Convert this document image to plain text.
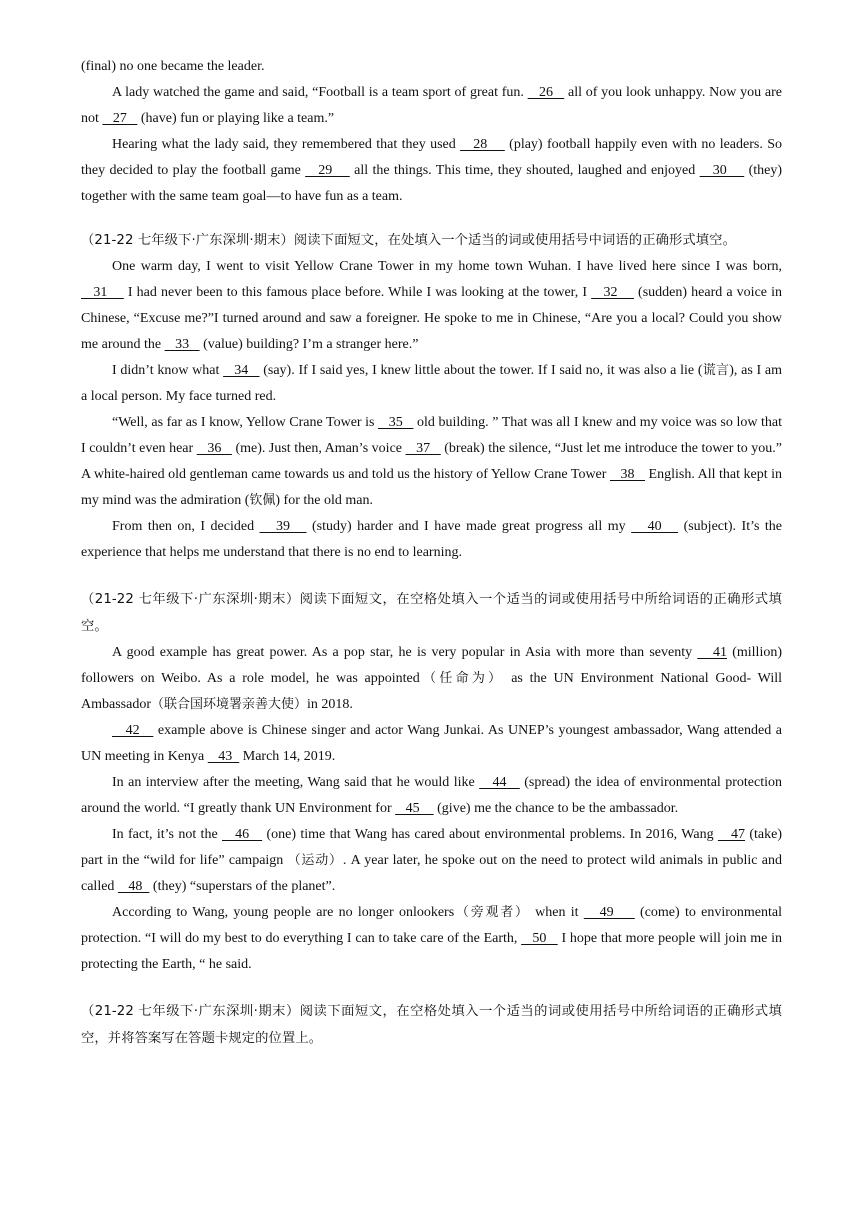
(final) no one became the leader.

A lady watched the game and said, “Football is a team sport of great fun.    26    all of you look unhappy. Now you are not    27    (have) fun or playing like a team.”

Hearing what the lady said, they remembered that they used    28     (play) football happily even with no leaders. So they decided to play the football game    29     all the things. This time, they shouted, laughed and enjoyed    30     (they) together with the same team goal—to have fun as a team.

（21-22 七年级下·广东深圳·期末）阅读下面短文，在处填入一个适当的词或使用括号中词语的正确形式填空。

One warm day, I went to visit Yellow Crane Tower in my home town Wuhan. I have lived here since I was born,    31     I had never been to this famous place before. While I was looking at the tower, I    32     (sudden) heard a voice in Chinese, “Excuse me?”I turned around and saw a foreigner. He spoke to me in Chinese, “Are you a local? Could you show me around the    33    (value) building? I’m a stranger here.”

I didn’t know what    34    (say). If I said yes, I knew little about the tower. If I said no, it was also a lie (谎言), as I am a local person. My face turned red.

“Well, as far as I know, Yellow Crane Tower is    35    old building. ” That was all I knew and my voice was so low that I couldn’t even hear    36    (me). Just then, Aman’s voice    37    (break) the silence, “Just let me introduce the tower to you.” A white-haired old gentleman came towards us and told us the history of Yellow Crane Tower    38    English. All that kept in my mind was the admiration (钦佩) for the old man.

From then on, I decided    39    (study) harder and I have made great progress all my    40    (subject). It’s the experience that helps me understand that there is no end to learning.

（21-22 七年级下·广东深圳·期末）阅读下面短文，在空格处填入一个适当的词或使用括号中所给词语的正确形式填空。

A good example has great power. As a pop star, he is very popular in Asia with more than seventy    41 (million) followers on Weibo. As a role model, he was appointed（任命为） as the UN Environment National Good- Will Ambassador（联合国环境署亲善大使）in 2018.

42    example above is Chinese singer and actor Wang Junkai. As UNEP’s youngest ambassador, Wang attended a UN meeting in Kenya    43   March 14, 2019.

In an interview after the meeting, Wang said that he would like    44    (spread) the idea of environmental protection around the world. “I greatly thank UN Environment for    45     (give) me the chance to be the ambassador.

In fact, it’s not the    46    (one) time that Wang has cared about environmental problems. In 2016, Wang    47 (take) part in the “wild for life” campaign （运动）. A year later, he spoke out on the need to protect wild animals in public and called    48   (they) “superstars of the planet”.

According to Wang, young people are no longer onlookers（旁观者） when it    49     (come) to environmental protection. “I will do my best to do everything I can to take care of the Earth,    50    I hope that more people will join me in protecting the Earth, “ he said.

（21-22 七年级下·广东深圳·期末）阅读下面短文，在空格处填入一个适当的词或使用括号中所给词语的正确形式填空，并将答案写在答题卡规定的位置上。
